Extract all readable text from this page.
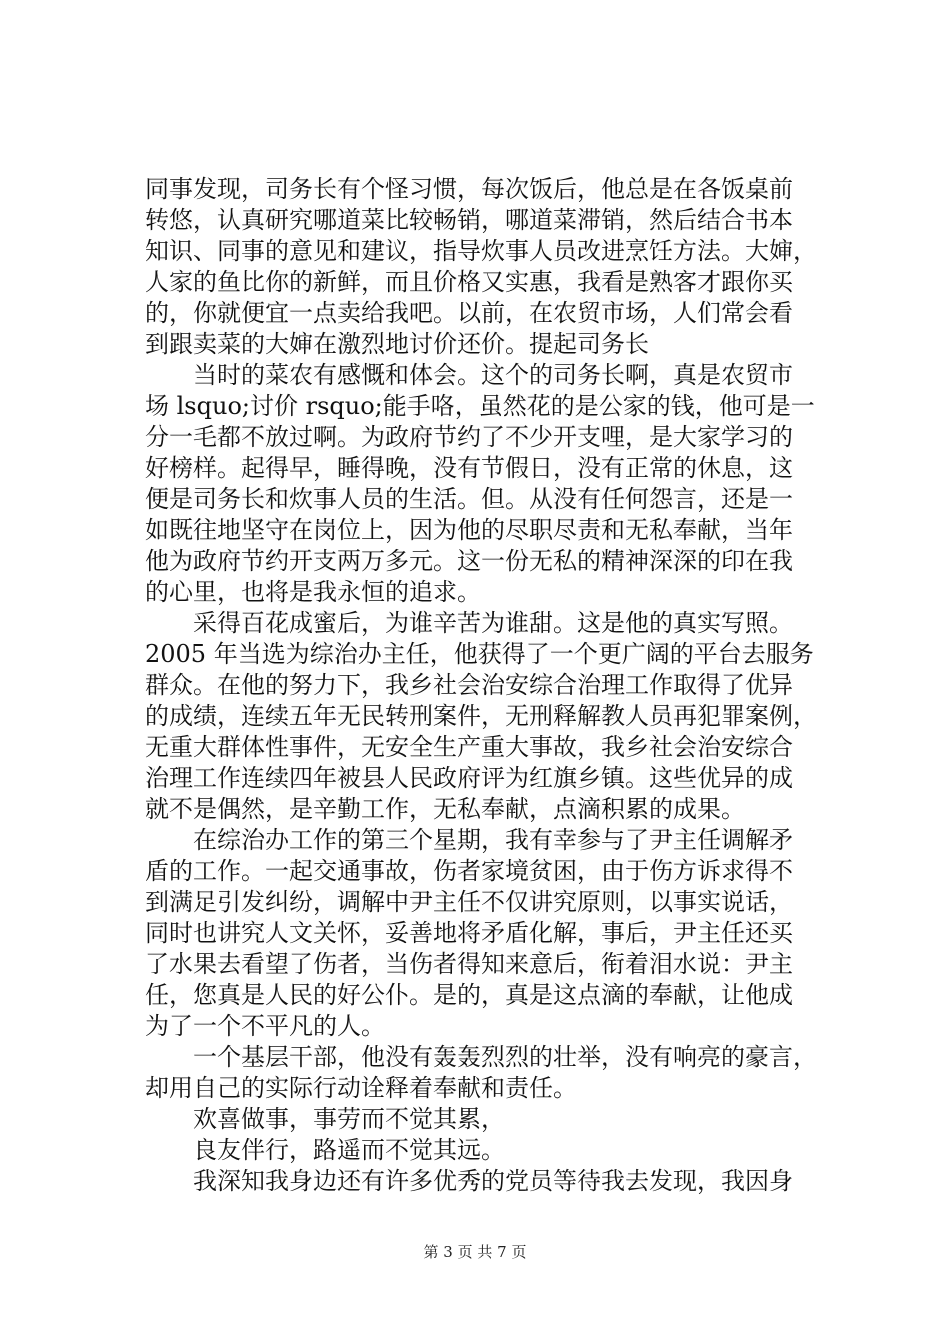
同事发现，司务长有个怪习惯，每次饭后，他总是在各饭桌前
转悠，认真研究哪道菜比较畅销，哪道菜滞销，然后结合书本
知识、同事的意见和建议，指导炊事人员改进烹饪方法。大婶，
人家的鱼比你的新鲜，而且价格又实惠，我看是熟客才跟你买
的，你就便宜一点卖给我吧。以前，在农贸市场，人们常会看
到跟卖菜的大婶在激烈地讨价还价。提起司务长
　　当时的菜农有感慨和体会。这个的司务长啊，真是农贸市
场 lsquo;讨价 rsquo;能手咯，虽然花的是公家的钱，他可是一
分一毛都不放过啊。为政府节约了不少开支哩，是大家学习的
好榜样。起得早，睡得晚，没有节假日，没有正常的休息，这
便是司务长和炊事人员的生活。但。从没有任何怨言，还是一
如既往地坚守在岗位上，因为他的尽职尽责和无私奉献，当年
他为政府节约开支两万多元。这一份无私的精神深深的印在我
的心里，也将是我永恒的追求。
　　采得百花成蜜后，为谁辛苦为谁甜。这是他的真实写照。
2005 年当选为综治办主任，他获得了一个更广阔的平台去服务
群众。在他的努力下，我乡社会治安综合治理工作取得了优异
的成绩，连续五年无民转刑案件，无刑释解教人员再犯罪案例，
无重大群体性事件，无安全生产重大事故，我乡社会治安综合
治理工作连续四年被县人民政府评为红旗乡镇。这些优异的成
就不是偶然，是辛勤工作，无私奉献，点滴积累的成果。
　　在综治办工作的第三个星期，我有幸参与了尹主任调解矛
盾的工作。一起交通事故，伤者家境贫困，由于伤方诉求得不
到满足引发纠纷，调解中尹主任不仅讲究原则，以事实说话，
同时也讲究人文关怀，妥善地将矛盾化解，事后，尹主任还买
了水果去看望了伤者，当伤者得知来意后，衔着泪水说：尹主
任，您真是人民的好公仆。是的，真是这点滴的奉献，让他成
为了一个不平凡的人。
　　一个基层干部，他没有轰轰烈烈的壮举，没有响亮的豪言，
却用自己的实际行动诠释着奉献和责任。
　　欢喜做事，事劳而不觉其累，
　　良友伴行，路遥而不觉其远。
　　我深知我身边还有许多优秀的党员等待我去发现，我因身
第 3 页 共 7 页
